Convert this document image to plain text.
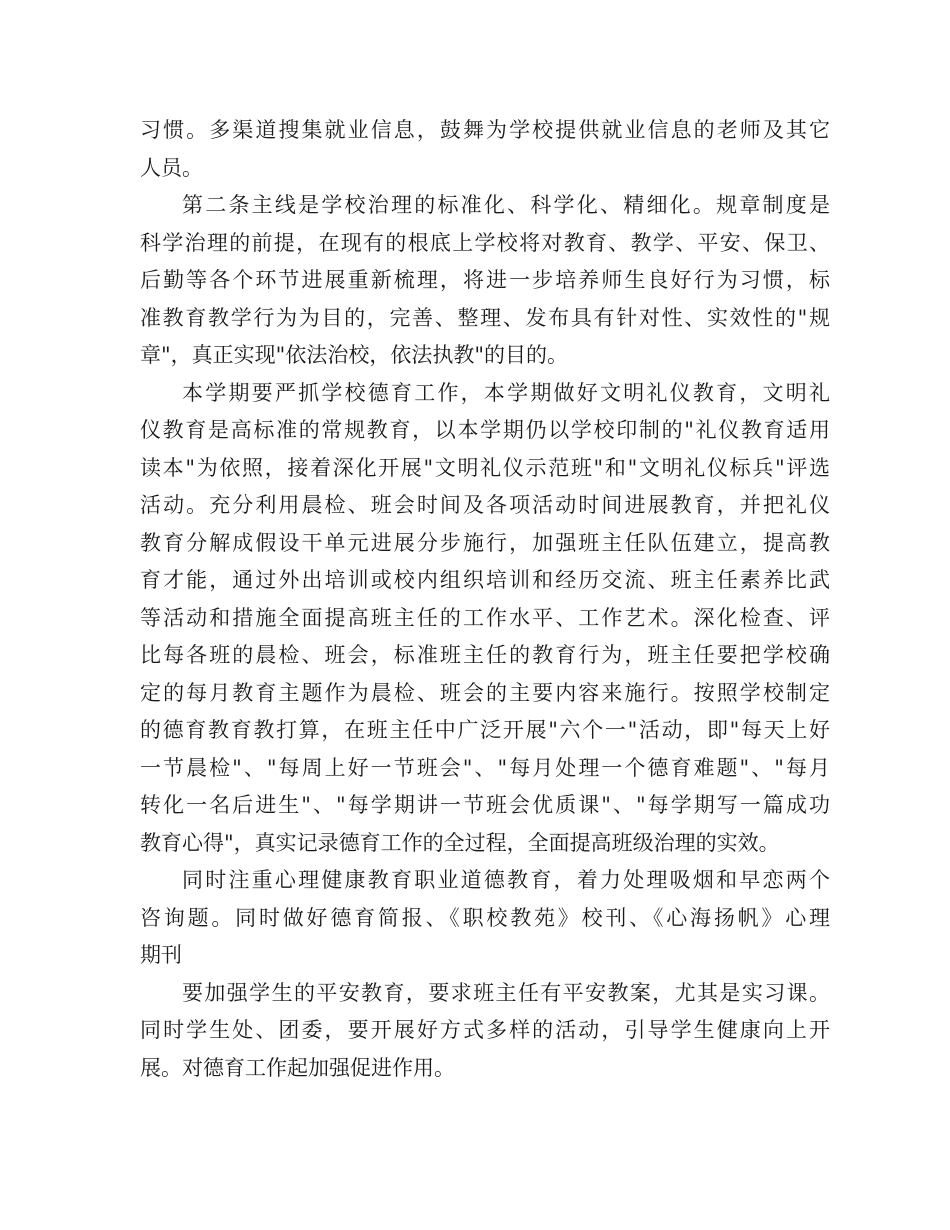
习惯。多渠道搜集就业信息，鼓舞为学校提供就业信息的老师及其它
人员。
第二条主线是学校治理的标准化、科学化、精细化。规章制度是
科学治理的前提，在现有的根底上学校将对教育、教学、平安、保卫、
后勤等各个环节进展重新梳理，将进一步培养师生良好行为习惯，标
准教育教学行为为目的，完善、整理、发布具有针对性、实效性的"规
章"，真正实现"依法治校，依法执教"的目的。
本学期要严抓学校德育工作，本学期做好文明礼仪教育，文明礼
仪教育是高标准的常规教育，以本学期仍以学校印制的"礼仪教育适用
读本"为依照，接着深化开展"文明礼仪示范班"和"文明礼仪标兵"评选
活动。充分利用晨检、班会时间及各项活动时间进展教育，并把礼仪
教育分解成假设干单元进展分步施行，加强班主任队伍建立，提高教
育才能，通过外出培训或校内组织培训和经历交流、班主任素养比武
等活动和措施全面提高班主任的工作水平、工作艺术。深化检查、评
比每各班的晨检、班会，标准班主任的教育行为，班主任要把学校确
定的每月教育主题作为晨检、班会的主要内容来施行。按照学校制定
的德育教育教打算，在班主任中广泛开展"六个一"活动，即"每天上好
一节晨检"、"每周上好一节班会"、"每月处理一个德育难题"、"每月
转化一名后进生"、"每学期讲一节班会优质课"、"每学期写一篇成功
教育心得"，真实记录德育工作的全过程，全面提高班级治理的实效。
同时注重心理健康教育职业道德教育，着力处理吸烟和早恋两个
咨询题。同时做好德育简报、《职校教苑》校刊、《心海扬帆》心理
期刊
要加强学生的平安教育，要求班主任有平安教案，尤其是实习课。
同时学生处、团委，要开展好方式多样的活动，引导学生健康向上开
展。对德育工作起加强促进作用。
